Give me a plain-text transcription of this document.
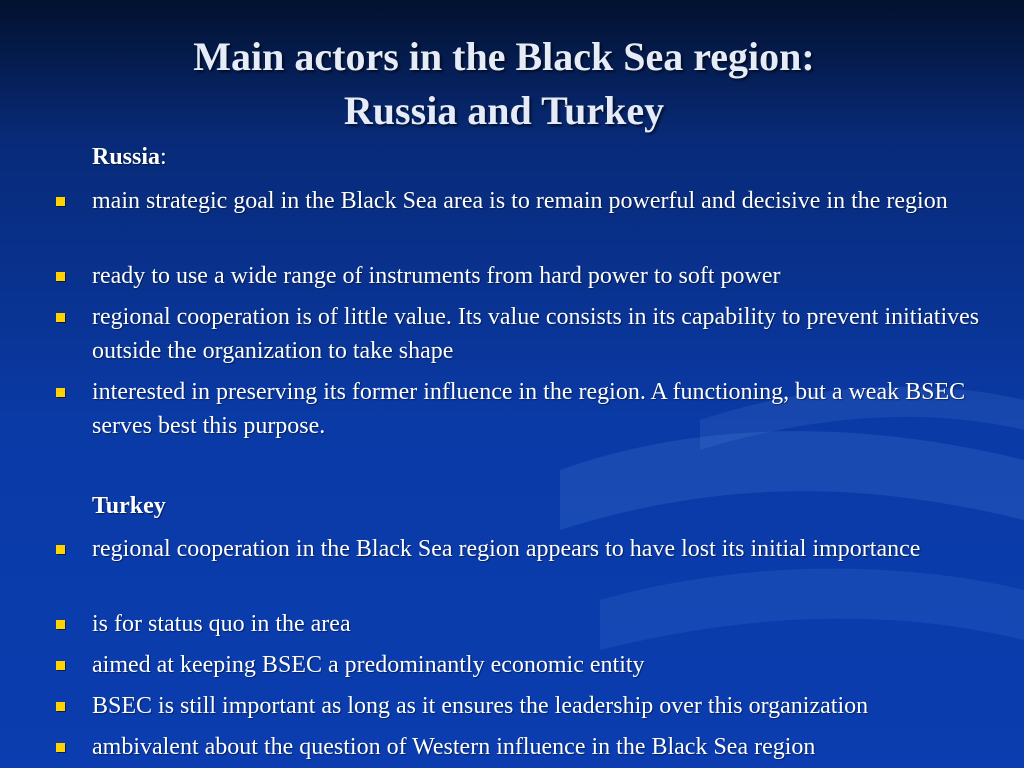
Main actors in the Black Sea region:
Russia and Turkey
Russia:
main strategic goal in the Black Sea area is to remain powerful and decisive in the region
ready to use a wide range of instruments from hard power to soft power
regional cooperation is of little value. Its value consists in its capability to prevent initiatives outside the organization to take shape
interested in preserving its former influence in the region. A functioning, but a weak BSEC serves best this purpose.
Turkey
regional cooperation in the Black Sea region appears to have lost its initial importance
is for status quo in the area
aimed at keeping BSEC a predominantly economic entity
BSEC is still important as long as it ensures the leadership over this organization
ambivalent about the question of Western influence in the Black Sea region
